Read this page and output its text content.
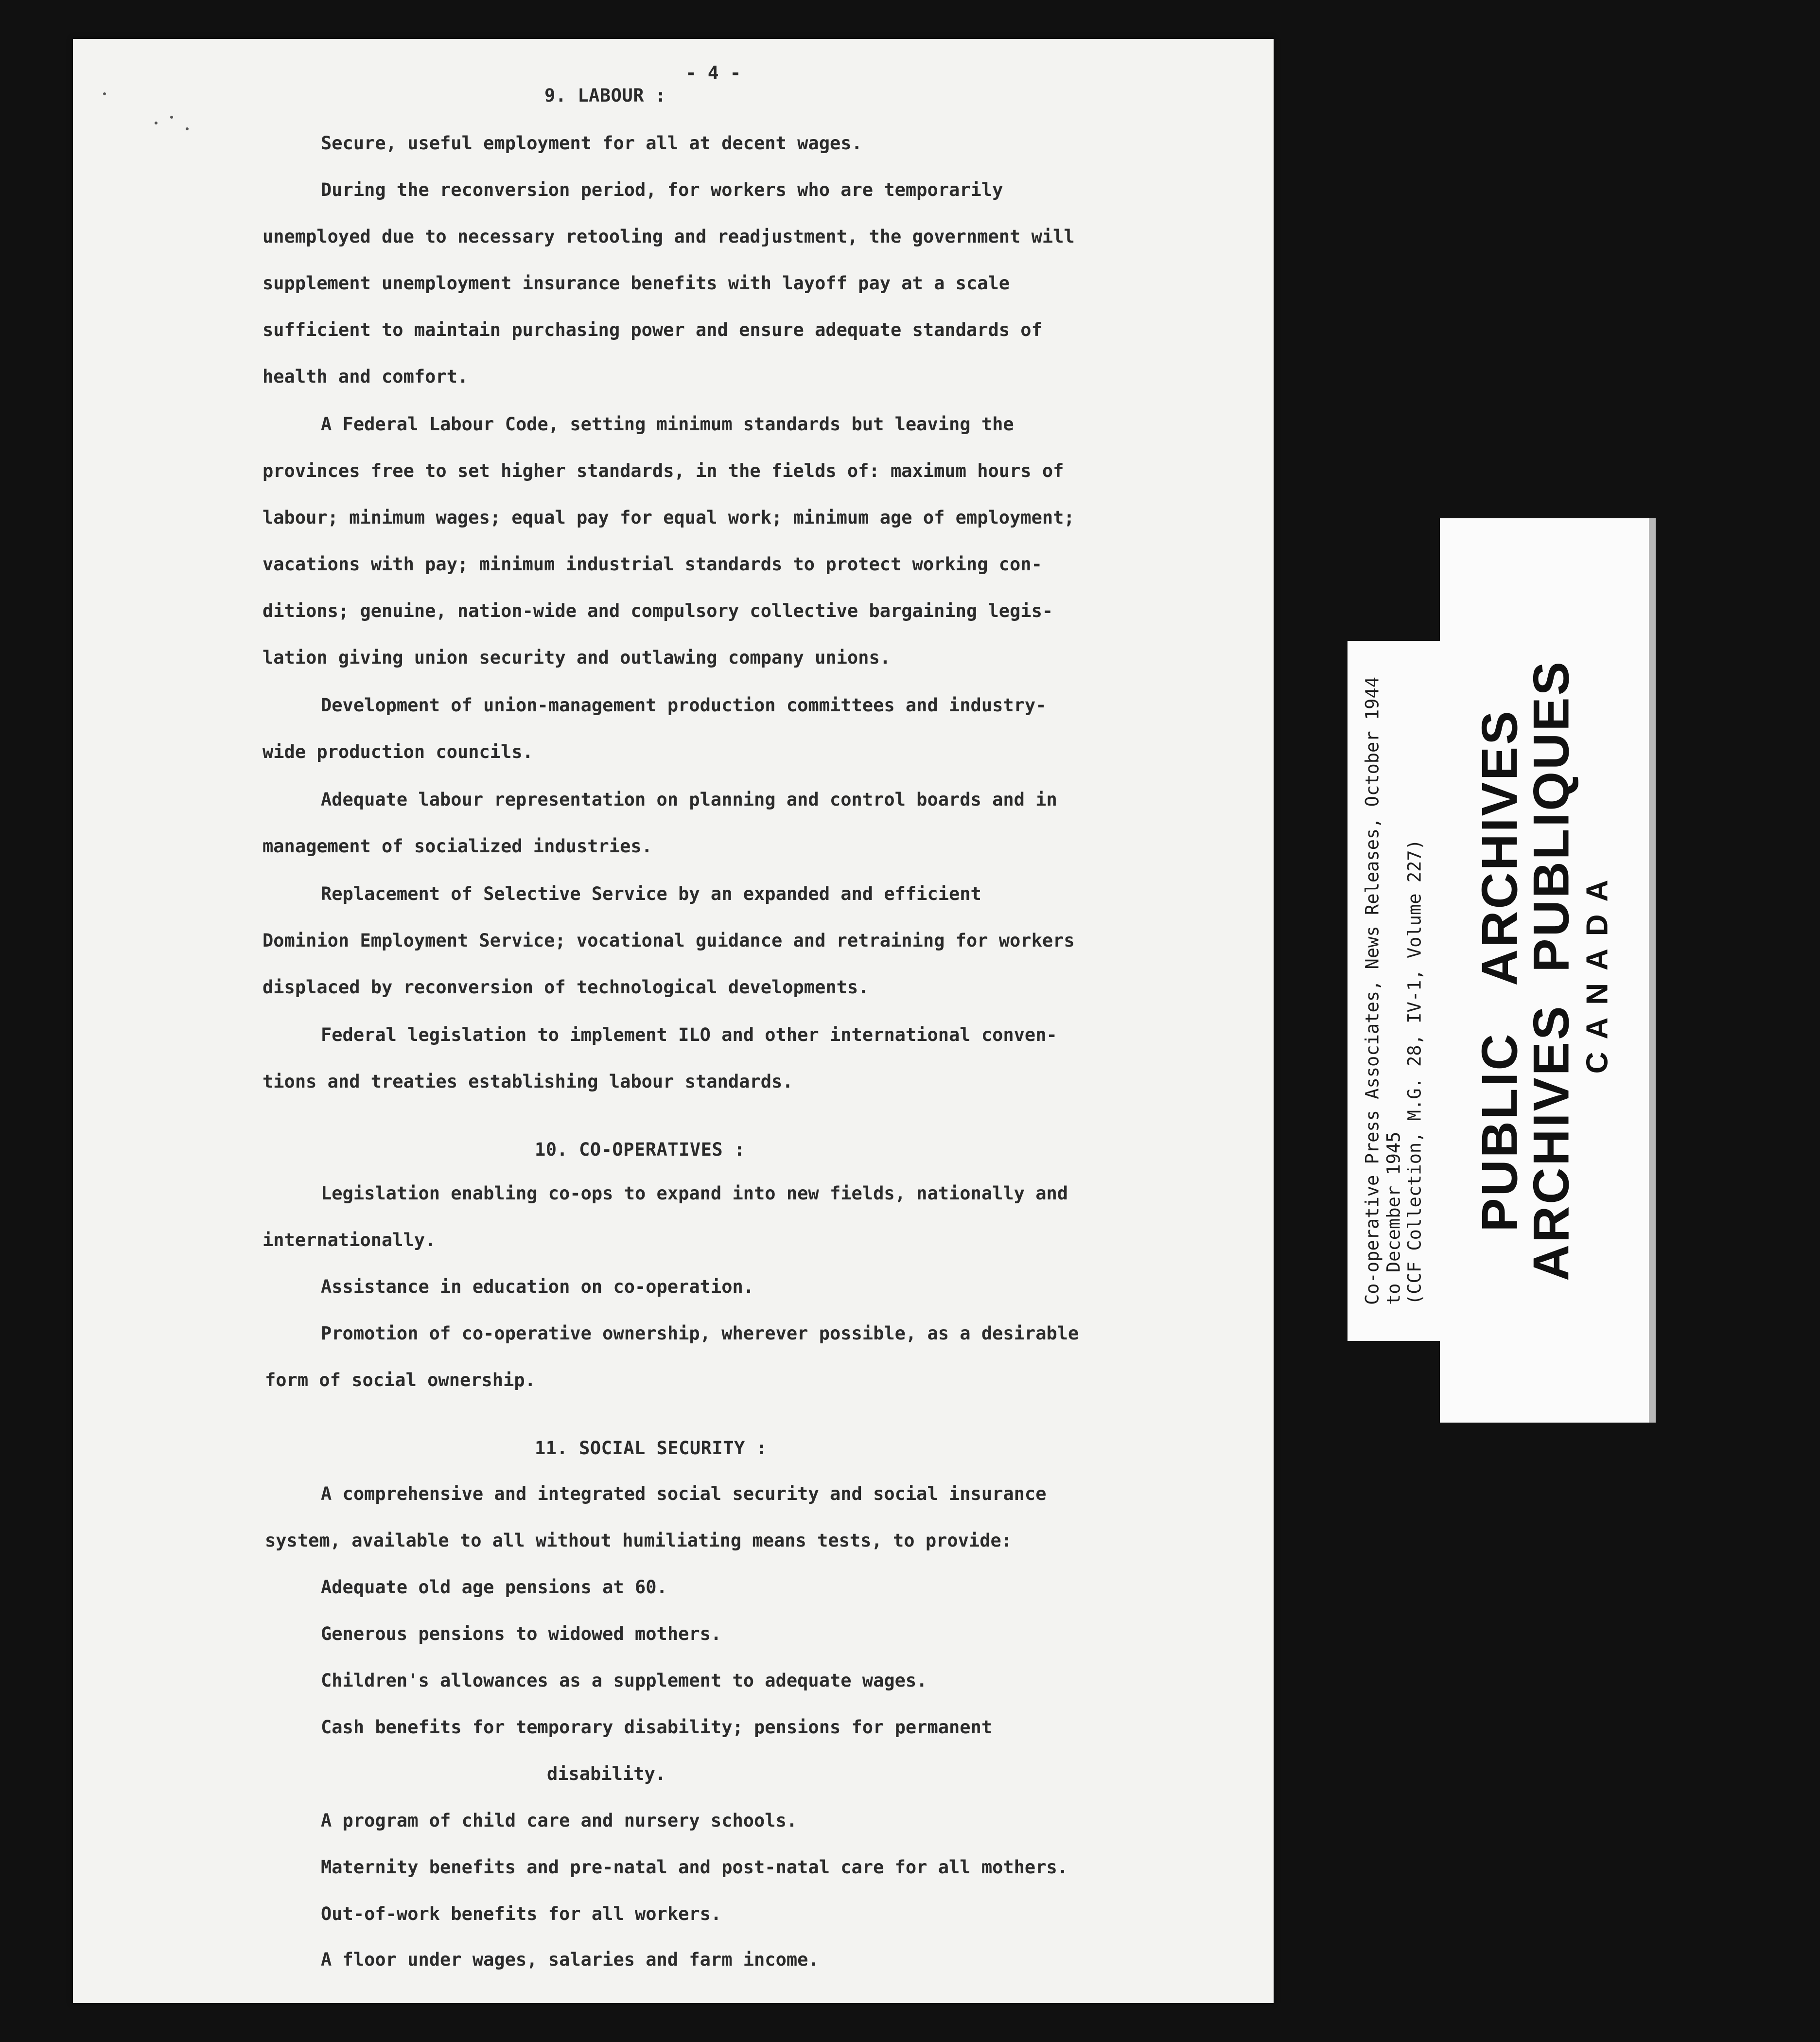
- 4 -
9. LABOUR :
Secure, useful employment for all at decent wages.
During the reconversion period, for workers who are temporarily
unemployed due to necessary retooling and readjustment, the government will
supplement unemployment insurance benefits with layoff pay at a scale
sufficient to maintain purchasing power and ensure adequate standards of
health and comfort.
A Federal Labour Code, setting minimum standards but leaving the
provinces free to set higher standards, in the fields of: maximum hours of
labour; minimum wages; equal pay for equal work; minimum age of employment;
vacations with pay; minimum industrial standards to protect working con-
ditions; genuine, nation-wide and compulsory collective bargaining legis-
lation giving union security and outlawing company unions.
Development of union-management production committees and industry-
wide production councils.
Adequate labour representation on planning and control boards and in
management of socialized industries.
Replacement of Selective Service by an expanded and efficient
Dominion Employment Service; vocational guidance and retraining for workers
displaced by reconversion of technological developments.
Federal legislation to implement ILO and other international conven-
tions and treaties establishing labour standards.
10. CO-OPERATIVES :
Legislation enabling co-ops to expand into new fields, nationally and
internationally.
Assistance in education on co-operation.
Promotion of co-operative ownership, wherever possible, as a desirable
form of social ownership.
11. SOCIAL SECURITY :
A comprehensive and integrated social security and social insurance
system, available to all without humiliating means tests, to provide:
Adequate old age pensions at 60.
Generous pensions to widowed mothers.
Children's allowances as a supplement to adequate wages.
Cash benefits for temporary disability; pensions for permanent
disability.
A program of child care and nursery schools.
Maternity benefits and pre-natal and post-natal care for all mothers.
Out-of-work benefits for all workers.
A floor under wages, salaries and farm income.
Co-operative Press Associates, News Releases, October 1944 to December 1945 (CCF Collection, M.G. 28, IV-1, Volume 227) PUBLIC   ARCHIVES
ARCHIVES  PUBLIQUES CANADA
